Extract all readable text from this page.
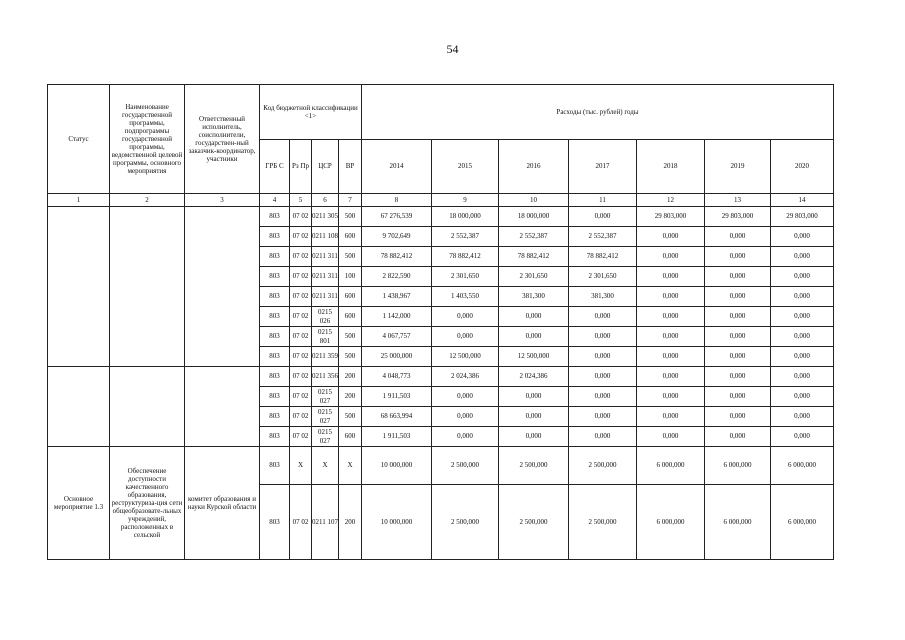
54
Статус	Наименование государственной программы, подпрограммы государственной программы, ведомственной целевой программы, основного мероприятия	Ответственный исполнитель, соисполнители, государствен-ный заказчик-координатор, участники	Код бюджетной классификации <1>				Расходы (тыс. рублей) годы						
			ГРБ С	Рз Пр	ЦСР	ВР	2014	2015	2016	2017	2018	2019	2020
1	2	3	4	5	6	7	8	9	10	11	12	13	14
			803	07 02	0211 305	500	67 276,539	18 000,000	18 000,000	0,000	29 803,000	29 803,000	29 803,000
			803	07 02	0211 108	600	9 702,649	2 552,387	2 552,387	2 552,387	0,000	0,000	0,000
			803	07 02	0211 311	500	78 882,412	78 882,412	78 882,412	78 882,412	0,000	0,000	0,000
			803	07 02	0211 311	100	2 822,590	2 301,650	2 301,650	2 301,650	0,000	0,000	0,000
			803	07 02	0211 311	600	1 438,967	1 403,550	381,300	381,300	0,000	0,000	0,000
			803	07 02	0215 026	600	1 142,000	0,000	0,000	0,000	0,000	0,000	0,000
			803	07 02	0215 801	500	4 067,757	0,000	0,000	0,000	0,000	0,000	0,000
			803	07 02	0211 359	500	25 000,000	12 500,000	12 500,000	0,000	0,000	0,000	0,000
			803	07 02	0211 356	200	4 048,773	2 024,386	2 024,386	0,000	0,000	0,000	0,000
			803	07 02	0215 027	200	1 911,503	0,000	0,000	0,000	0,000	0,000	0,000
			803	07 02	0215 027	500	68 663,994	0,000	0,000	0,000	0,000	0,000	0,000
			803	07 02	0215 027	600	1 911,503	0,000	0,000	0,000	0,000	0,000	0,000
Основное мероприятие 1.3	Обеспечение доступности качественного образования, реструктуриза-ция сети общеобразовате-льных учреждений, расположенных в сельской	комитет образования и науки Курской области	803	X	X	X	10 000,000	2 500,000	2 500,000	2 500,000	6 000,000	6 000,000	6 000,000
			803	07 02	0211 107	200	10 000,000	2 500,000	2 500,000	2 500,000	6 000,000	6 000,000	6 000,000
